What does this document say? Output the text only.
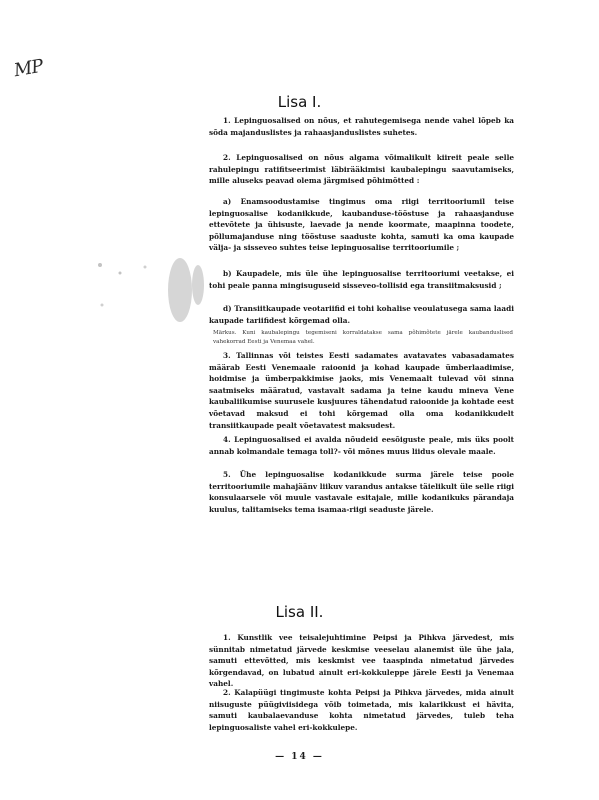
MP
Lisa I.

1. Lepinguosalised on nõus, et rahutegemisega nende vahel lõpeb ka sõda majanduslistes ja rahaasjanduslistes suhetes.

2. Lepinguosalised on nõus algama võimalikult kiireit peale selle rahulepingu ratifitseerimist läbirääkimisi kaubalepingu saavutamiseks, mille aluseks peavad olema järgmised põhimõtted :

a) Enamsoodustamise tingimus oma riigi territooriumil teise lepinguosalise kodanikkude, kaubanduse-tööstuse ja rahaasjanduse ettevõtete ja ühisuste, laevade ja nende koormate, maapinna toodete, põllumajanduse ning tööstuse saaduste kohta, samuti ka oma kaupade välja- ja sisseveo suhtes teise lepinguosalise territooriumile ;

b) Kaupadele, mis üle ühe lepinguosalise territooriumi veetakse, ei tohi peale panna mingisuguseid sisseveo-tollisid ega transiitmaksusid ;

d) Transiitkaupade veotariifid ei tohi kohalise veoulatusega sama laadi kaupade tariifidest kõrgemad olla.

Märkus. Kuni kaubalepingu tegemiseni korraldatakse sama põhimõtete järele kaubanduslised vahekorrad Eesti ja Venemaa vahel.

3. Tallinnas või teistes Eesti sadamates avatavates vabasadamates määrab Eesti Venemaale raioonid ja kohad kaupade ümberlaadimise, hoidmise ja ümberpakkimise jaoks, mis Venemaalt tulevad või sinna saatmiseks määratud, vastavalt sadama ja teine kaudu mineva Vene kaubaliikumise suurusele kusjuures tähendatud raioonide ja kohtade eest võetavad maksud ei tohi kõrgemad olla oma kodanikkudelt transiitkaupade pealt võetavatest maksudest.

4. Lepinguosalised ei avalda nõudeid eesõiguste peale, mis üks poolt annab kolmandale temaga toll?- või mõnes muus liidus olevale maale.

5. Ühe lepinguosalise kodanikkude surma järele teise poole territooriumile mahajäänv liikuv varandus antakse täielikult üle selle riigi konsulaarsele või muule vastavale esitajale, mille kodanikuks pärandaja kuulus, talitamiseks tema isamaa-riigi seaduste järele.

Lisa II.

1. Kunstlik vee teisalejuhtimine Peipsi ja Pihkva järvedest, mis sünnitab nimetatud järvede keskmise veeselau alanemist üle ühe jala, samuti ettevõtted, mis keskmist vee taaspinda nimetatud järvedes kõrgendavad, on lubatud ainult eri-kokkuleppe järele Eesti ja Venemaa vahel.

2. Kalapüügi tingimuste kohta Peipsi ja Pihkva järvedes, mida ainult niisuguste püügiviisidega võib toimetada, mis kalarikkust ei hävita, samuti kaubalaevanduse kohta nimetatud järvedes, tuleb teha lepinguosaliste vahel eri-kokkulepe.

— 14 —
